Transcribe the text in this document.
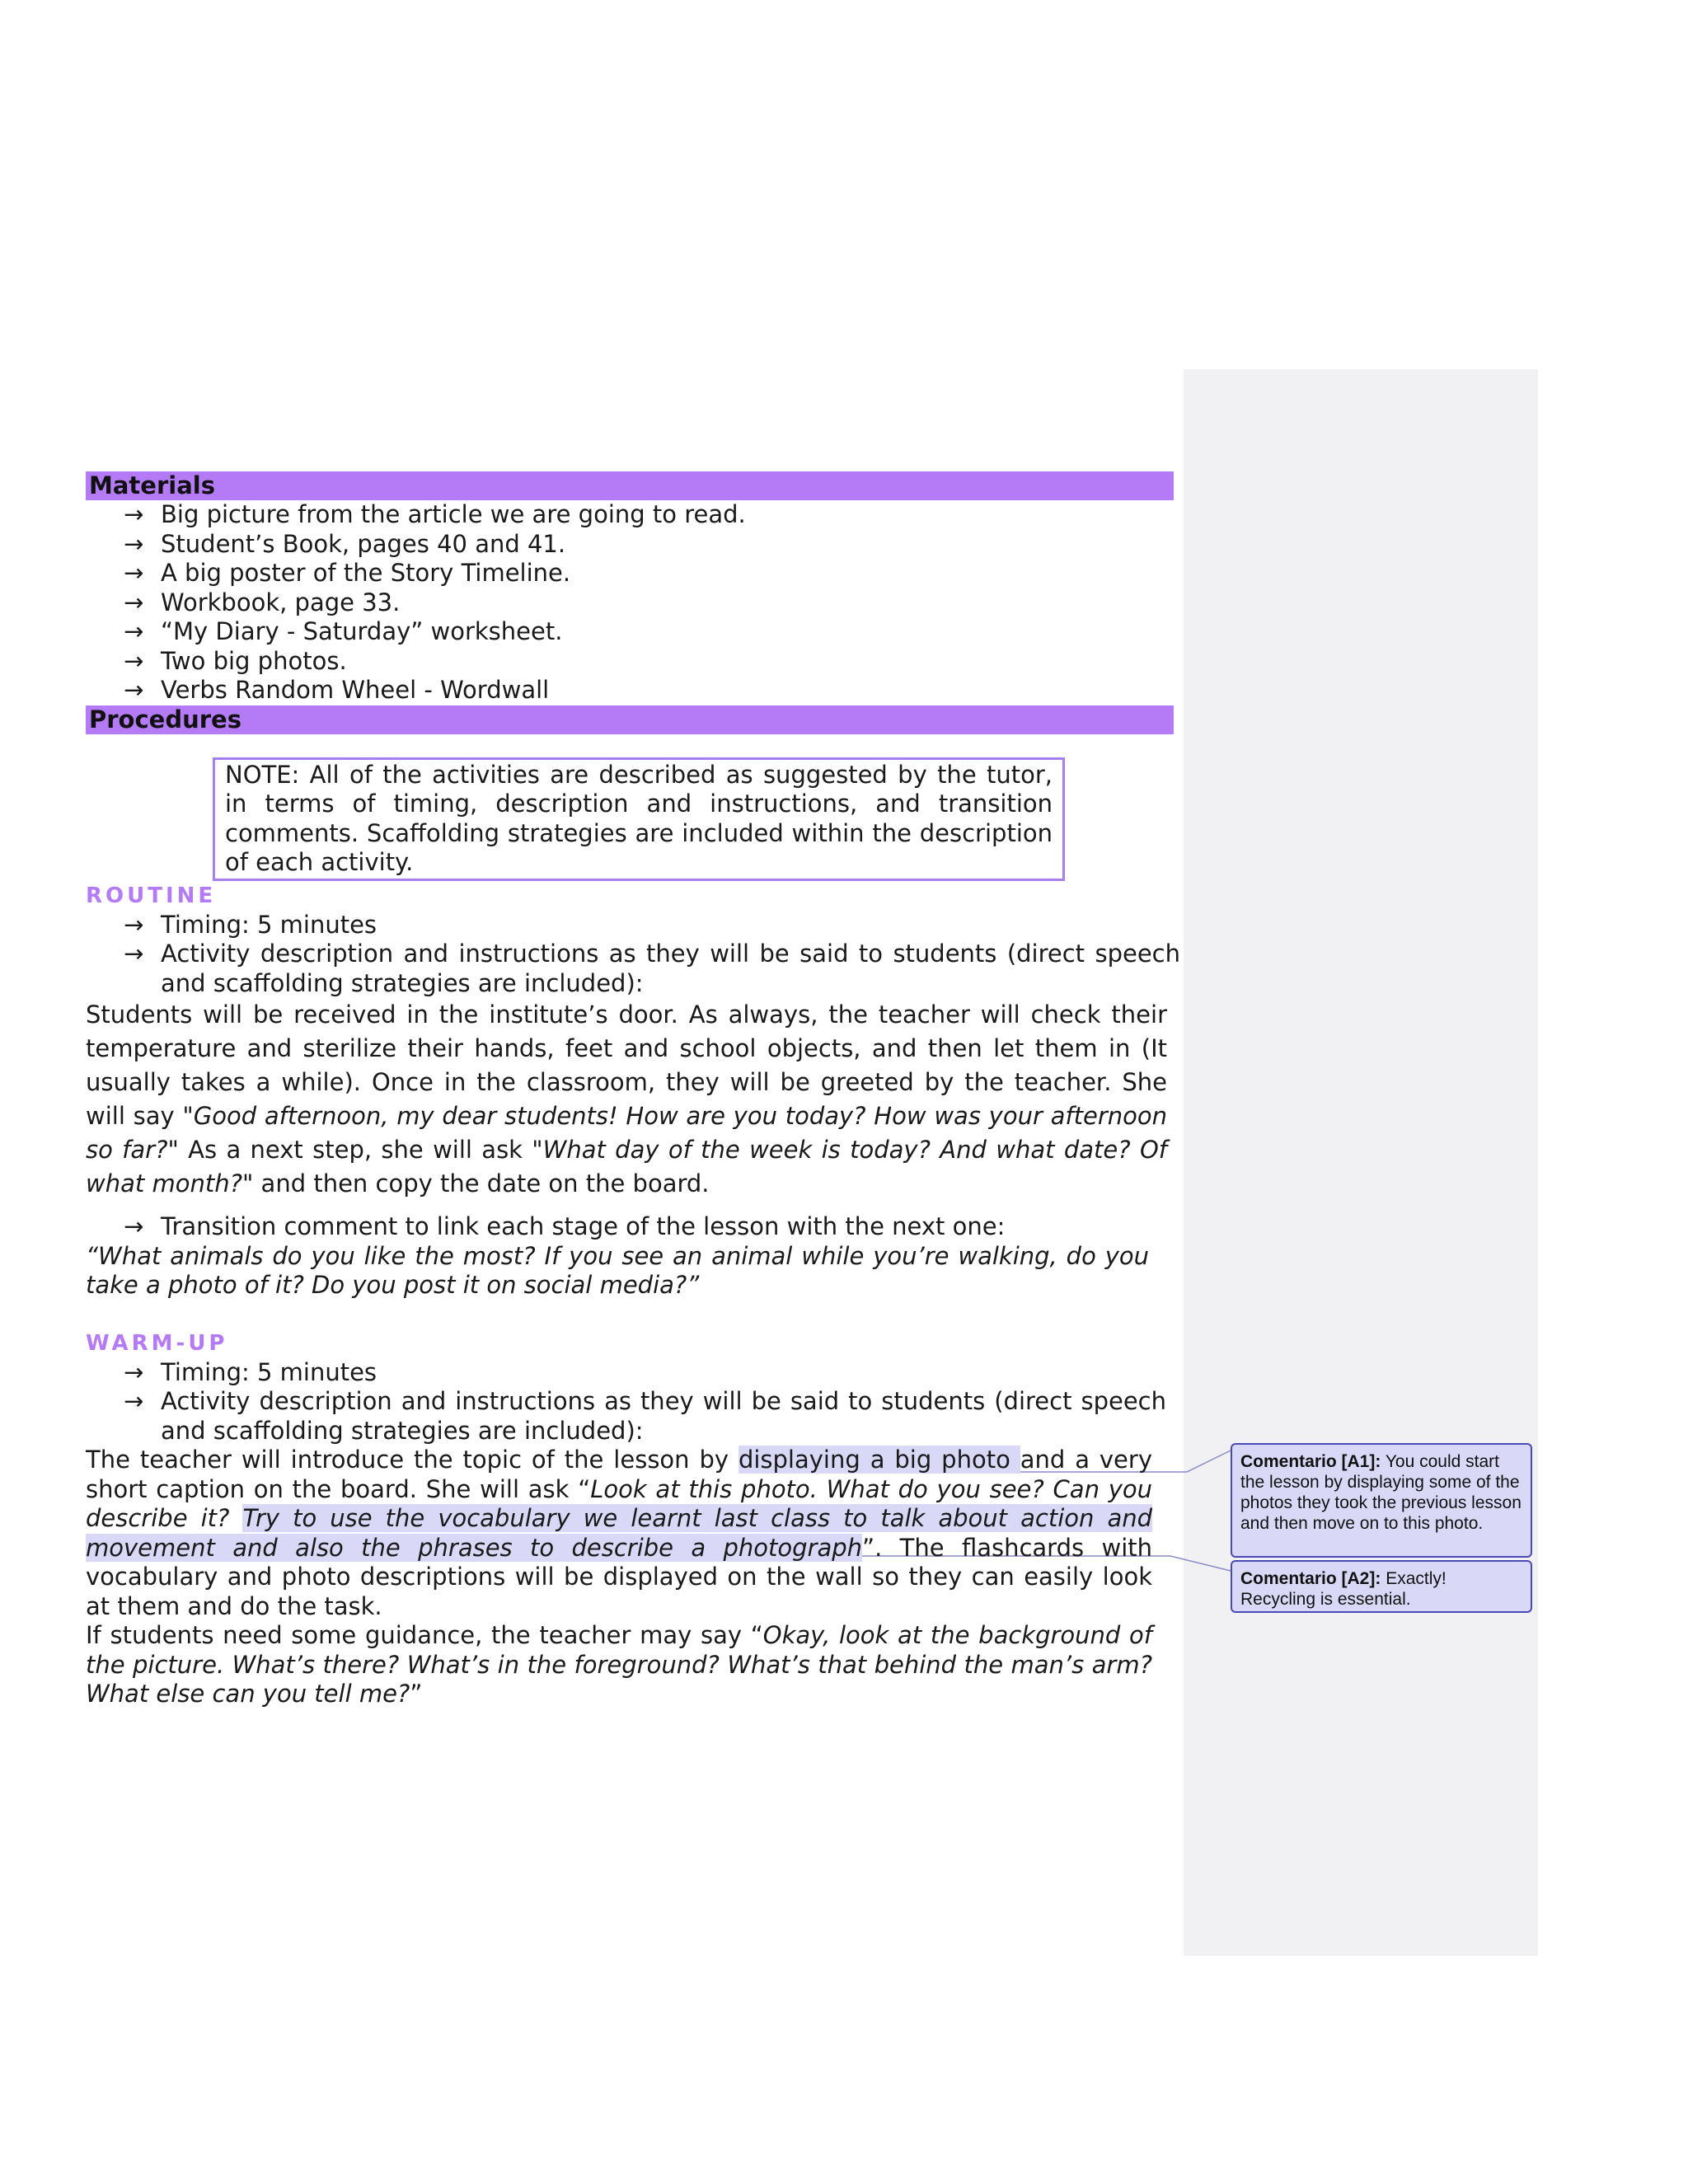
Materials
→ Big picture from the article we are going to read.
→ Student’s Book, pages 40 and 41.
→ A big poster of the Story Timeline.
→ Workbook, page 33.
→ “My Diary - Saturday” worksheet.
→ Two big photos.
→ Verbs Random Wheel - Wordwall
Procedures
NOTE: All of the activities are described as suggested by the tutor, in terms of timing, description and instructions, and transition comments. Scaffolding strategies are included within the description of each activity.

ROUTINE

→ Timing: 5 minutes
→ Activity description and instructions as they will be said to students (direct speech and scaffolding strategies are included):

Students will be received in the institute’s door. As always, the teacher will check their temperature and sterilize their hands, feet and school objects, and then let them in (It usually takes a while). Once in the classroom, they will be greeted by the teacher. She will say "Good afternoon, my dear students! How are you today? How was your afternoon so far?" As a next step, she will ask "What day of the week is today? And what date? Of what month?" and then copy the date on the board.

→ Transition comment to link each stage of the lesson with the next one:

“What animals do you like the most? If you see an animal while you’re walking, do you take a photo of it? Do you post it on social media?”

WARM-UP

→ Timing: 5 minutes
→ Activity description and instructions as they will be said to students (direct speech and scaffolding strategies are included):

The teacher will introduce the topic of the lesson by displaying a big photo and a very short caption on the board. She will ask “Look at this photo. What do you see? Can you describe it? Try to use the vocabulary we learnt last class to talk about action and movement and also the phrases to describe a photograph”. The flashcards with vocabulary and photo descriptions will be displayed on the wall so they can easily look at them and do the task.

If students need some guidance, the teacher may say “Okay, look at the background of the picture. What’s there? What’s in the foreground? What’s that behind the man’s arm? What else can you tell me?”

Comentario [A1]: You could start the lesson by displaying some of the photos they took the previous lesson and then move on to this photo.
Comentario [A2]: Exactly! Recycling is essential.
